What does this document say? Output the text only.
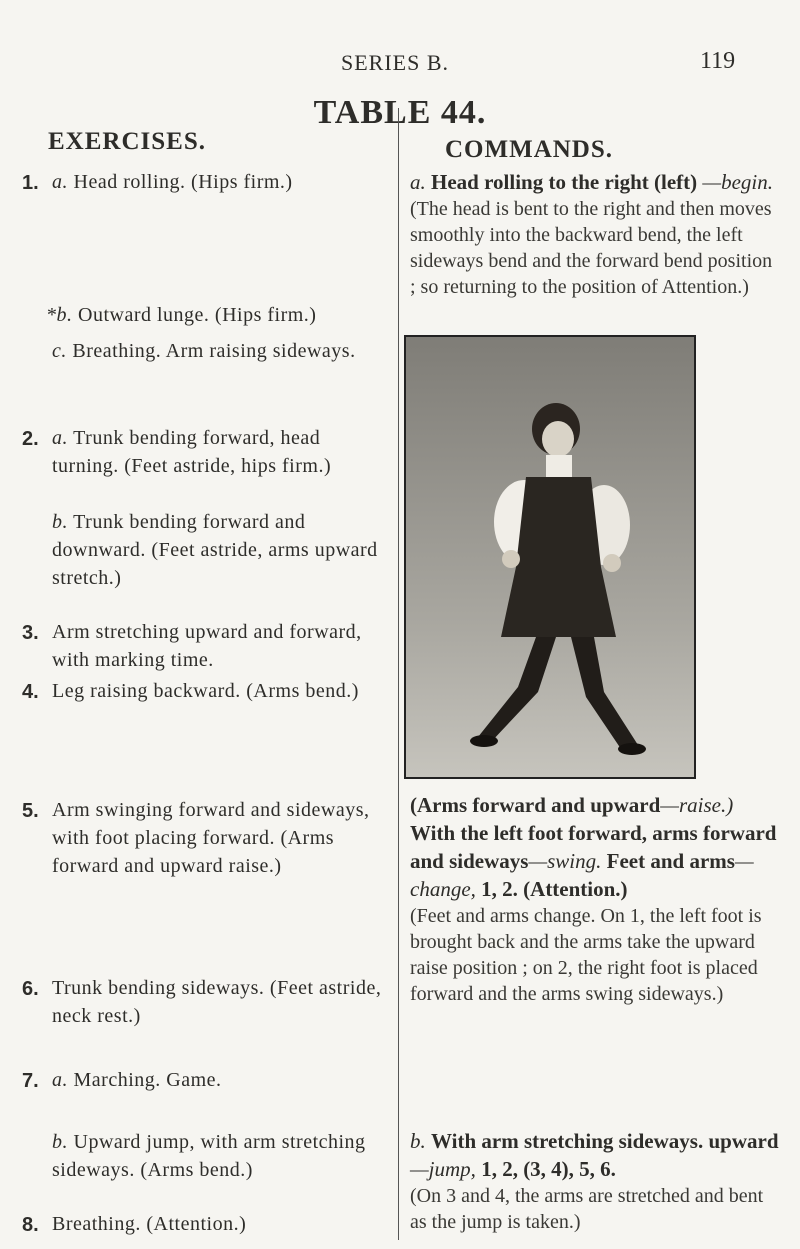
SERIES B.	119
TABLE 44.
EXERCISES.	COMMANDS.
1. a. Head rolling. (Hips firm.)
*b. Outward lunge. (Hips firm.)
c. Breathing. Arm raising sideways.
2. a. Trunk bending forward, head turning. (Feet astride, hips firm.)
b. Trunk bending forward and downward. (Feet astride, arms upward stretch.)
3. Arm stretching upward and forward, with marking time.
4. Leg raising backward. (Arms bend.)
5. Arm swinging forward and sideways, with foot placing forward. (Arms forward and upward raise.)
6. Trunk bending sideways. (Feet astride, neck rest.)
7. a. Marching. Game.
b. Upward jump, with arm stretching sideways. (Arms bend.)
8. Breathing. (Attention.)
a. Head rolling to the right (left) —begin.
(The head is bent to the right and then moves smoothly into the backward bend, the left sideways bend and the forward bend position ; so returning to the position of Attention.)
(Arms forward and upward—raise.) With the left foot forward, arms forward and sideways—swing. Feet and arms—change, 1, 2. (Attention.)
(Feet and arms change. On 1, the left foot is brought back and the arms take the upward raise position ; on 2, the right foot is placed forward and the arms swing sideways.)
b. With arm stretching sideways. upward—jump, 1, 2, (3, 4), 5, 6.
(On 3 and 4, the arms are stretched and bent as the jump is taken.)
